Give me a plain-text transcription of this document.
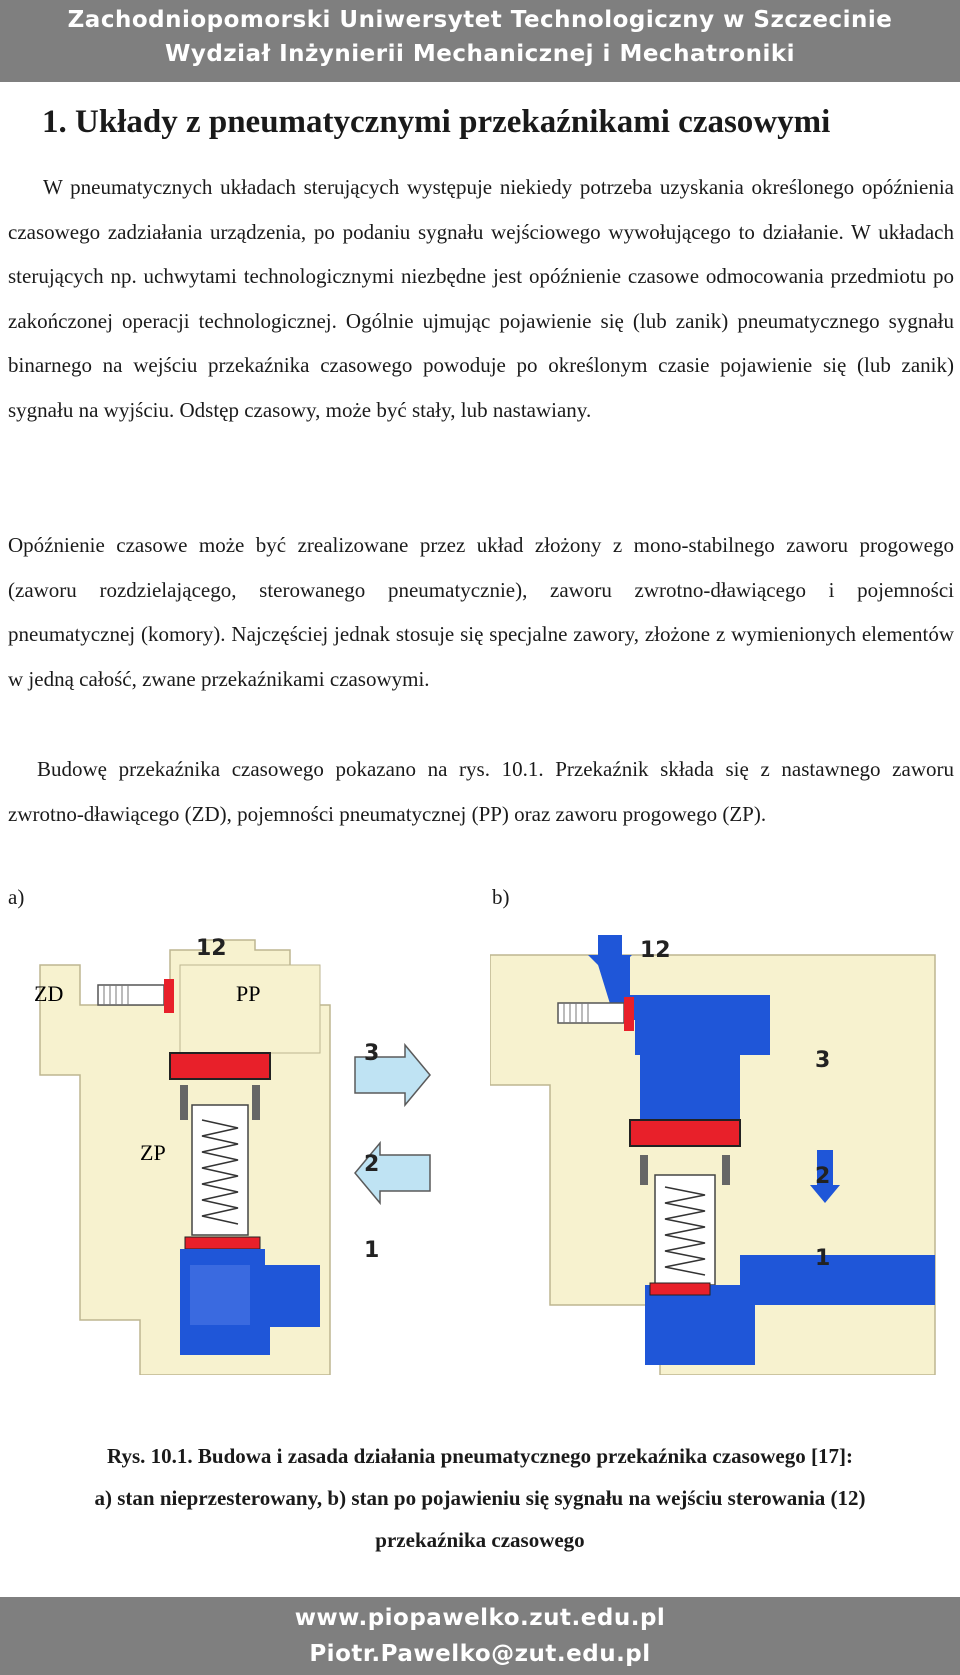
Zachodniopomorski Uniwersytet Technologiczny w Szczecinie
Wydział Inżynierii Mechanicznej i Mechatroniki
1. Układy z pneumatycznymi przekaźnikami czasowymi
W pneumatycznych układach sterujących występuje niekiedy potrzeba uzyskania określonego opóźnienia czasowego zadziałania urządzenia, po podaniu sygnału wejściowego wywołującego to działanie. W układach sterujących np. uchwytami technologicznymi niezbędne jest opóźnienie czasowe odmocowania przedmiotu po zakończonej operacji technologicznej. Ogólnie ujmując pojawienie się (lub zanik) pneumatycznego sygnału binarnego na wejściu przekaźnika czasowego powoduje po określonym czasie pojawienie się (lub zanik) sygnału na wyjściu. Odstęp czasowy, może być stały, lub nastawiany.
Opóźnienie czasowe może być zrealizowane przez układ złożony z mono-stabilnego zaworu progowego (zaworu rozdzielającego, sterowanego pneumatycznie), zaworu zwrotno-dławiącego i pojemności pneumatycznej (komory). Najczęściej jednak stosuje się specjalne zawory, złożone z wymienionych elementów w jedną całość, zwane przekaźnikami czasowymi.
Budowę przekaźnika czasowego pokazano na rys. 10.1. Przekaźnik składa się z nastawnego zaworu zwrotno-dławiącego (ZD), pojemności pneumatycznej (PP) oraz zaworu progowego (ZP).
a)	b)
12
ZD	PP
ZP
3
2
1
12
3
2
1
Rys. 10.1. Budowa i zasada działania pneumatycznego przekaźnika czasowego [17]:
a) stan nieprzesterowany, b) stan po pojawieniu się sygnału na wejściu sterowania (12)
przekaźnika czasowego
www.piopawelko.zut.edu.pl
Piotr.Pawelko@zut.edu.pl
